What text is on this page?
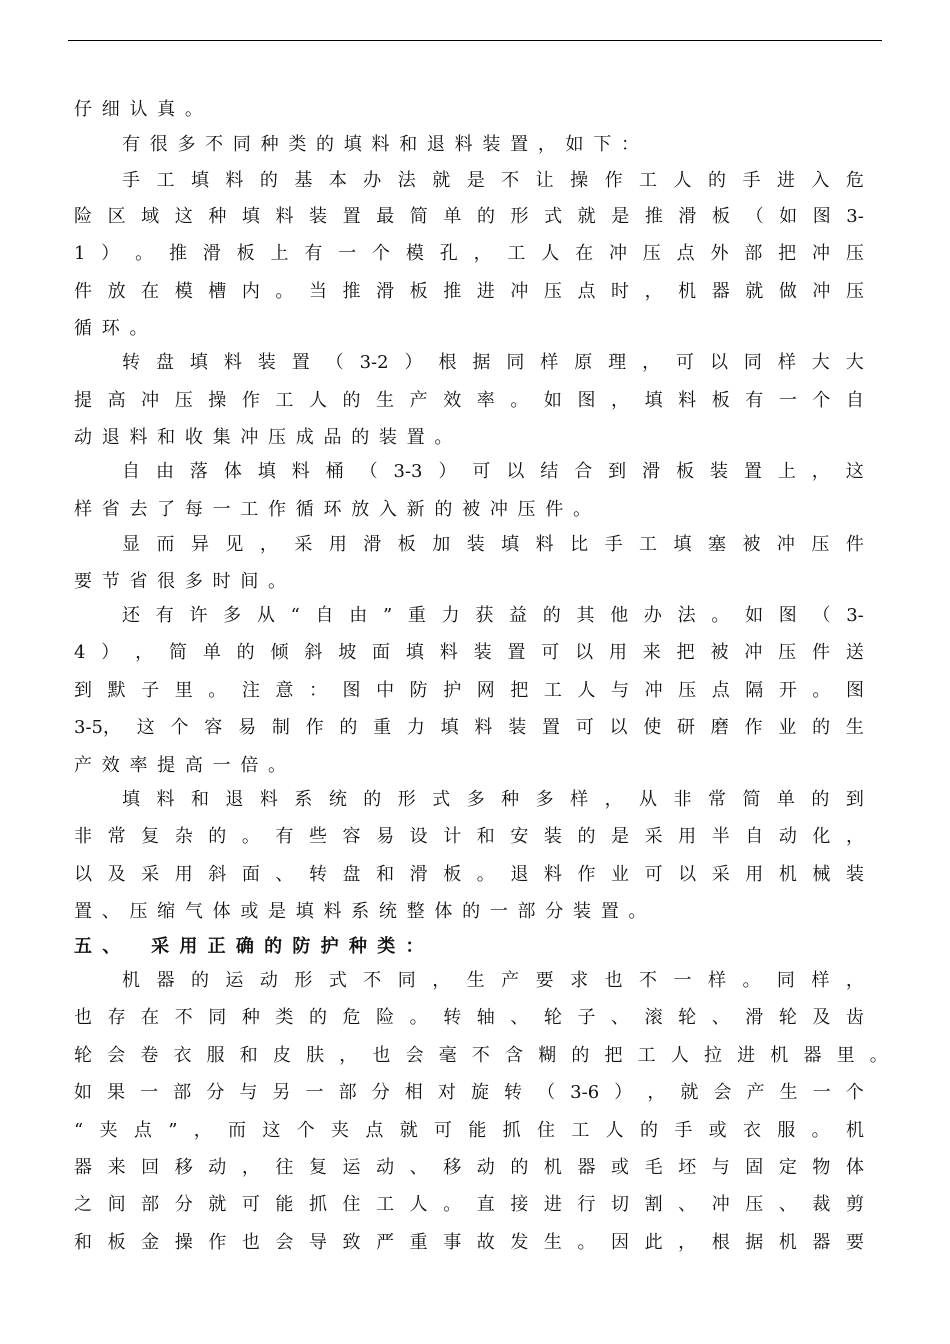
仔 细 认 真 。
有 很 多 不 同 种 类 的 填 料 和 退 料 装 置 ， 如 下 ：
手 工 填 料 的 基 本 办 法 就 是 不 让 操 作 工 人 的 手 进 入 危
险 区 域 这 种 填 料 装 置 最 简 单 的 形 式 就 是 推 滑 板 （ 如 图 3-
1 ） 。 推 滑 板 上 有 一 个 模 孔 ， 工 人 在 冲 压 点 外 部 把 冲 压
件 放 在 模 槽 内 。 当 推 滑 板 推 进 冲 压 点 时 ， 机 器 就 做 冲 压
循 环 。
转 盘 填 料 装 置 （ 3-2 ） 根 据 同 样 原 理 ， 可 以 同 样 大 大
提 高 冲 压 操 作 工 人 的 生 产 效 率 。 如 图 ， 填 料 板 有 一 个 自
动 退 料 和 收 集 冲 压 成 品 的 装 置 。
自 由 落 体 填 料 桶 （ 3-3 ） 可 以 结 合 到 滑 板 装 置 上 ， 这
样 省 去 了 每 一 工 作 循 环 放 入 新 的 被 冲 压 件 。
显 而 异 见 ， 采 用 滑 板 加 装 填 料 比 手 工 填 塞 被 冲 压 件
要 节 省 很 多 时 间 。
还 有 许 多 从 “ 自 由 ” 重 力 获 益 的 其 他 办 法 。 如 图 （ 3-
4 ） ， 简 单 的 倾 斜 坡 面 填 料 装 置 可 以 用 来 把 被 冲 压 件 送
到 默 子 里 。 注 意 ： 图 中 防 护 网 把 工 人 与 冲 压 点 隔 开 。 图
3-5， 这 个 容 易 制 作 的 重 力 填 料 装 置 可 以 使 研 磨 作 业 的 生
产 效 率 提 高 一 倍 。
填 料 和 退 料 系 统 的 形 式 多 种 多 样 ， 从 非 常 简 单 的 到
非 常 复 杂 的 。 有 些 容 易 设 计 和 安 装 的 是 采 用 半 自 动 化 ，
以 及 采 用 斜 面 、 转 盘 和 滑 板 。 退 料 作 业 可 以 采 用 机 械 装
置 、 压 缩 气 体 或 是 填 料 系 统 整 体 的 一 部 分 装 置 。
五 、   采 用 正 确 的 防 护 种 类 ：
机 器 的 运 动 形 式 不 同 ， 生 产 要 求 也 不 一 样 。 同 样 ，
也 存 在 不 同 种 类 的 危 险 。 转 轴 、 轮 子 、 滚 轮 、 滑 轮 及 齿
轮 会 卷 衣 服 和 皮 肤 ， 也 会 毫 不 含 糊 的 把 工 人 拉 进 机 器 里 。
如 果 一 部 分 与 另 一 部 分 相 对 旋 转 （ 3-6 ） ， 就 会 产 生 一 个
“ 夹 点 ” ， 而 这 个 夹 点 就 可 能 抓 住 工 人 的 手 或 衣 服 。 机
器 来 回 移 动 ， 往 复 运 动 、 移 动 的 机 器 或 毛 坯 与 固 定 物 体
之 间 部 分 就 可 能 抓 住 工 人 。 直 接 进 行 切 割 、 冲 压 、 裁 剪
和 板 金 操 作 也 会 导 致 严 重 事 故 发 生 。 因 此 ， 根 据 机 器 要
